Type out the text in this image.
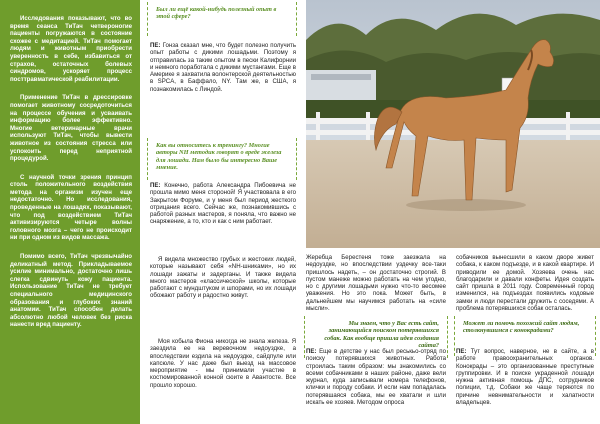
Исследования показывают, что во время сеанса ТиТач четвероногие пациенты погружаются в состояние схожее с медитацией. ТиТач помогает людям и животным приобрести уверенность в себе, избавиться от страхов, остаточных болевых синдромов, ускоряет процесс посттравматической реабилитации.

Применение ТиТач в дрессировке помогает животному сосредоточиться на процессе обучения и усваивать информацию более эффективно. Многие ветеринарные врачи используют ТиТач, чтобы вывести животное из состояния стресса или успокоить перед неприятной процедурой.

С научной точки зрения принцип столь положительного воздействия метода на организм изучен еще недостаточно. Но исследования, проведенные на лошадях, показывают, что под воздействием ТиТач активизируются четыре волны головного мозга – чего не происходит ни при одном из видов массажа.

Помимо всего, ТиТач чрезвычайно деликатный метод. Прикладываемое усилие минимально, достаточно лишь слегка сдвинуть кожу пациента. Использование ТиТач не требует специального медицинского образования и глубоких знаний анатомии. ТиТач способен делать абсолютно любой человек без риска нанести вред пациенту.

Был ли ещё какой-нибудь полезный опыт в этой сфере?

ПЕ: Гонза сказал мне, что будет полезно получить опыт работы с дикими лошадьми. Поэтому я отправилась за таким опытом в пески Калифорнии и немного поработала с дикими мустангами. Еще в Америке я захватила волонтерской деятельностью в SPCA, в Баффало, NY. Там же, в США, я познакомилась с Линдой.

Как вы относитесь к тренингу? Многие авторы NH методик говорят о вреде железа для лошади. Нам было бы интересно Ваше мнение.

ПЕ: Конечно, работа Александра Пибоевича не прошла мимо меня стороной! Я участвовала в его Закрытом Форуме, и у меня был период жесткого отрицания всего. Сейчас же, познакомившись с работой разных мастеров, я поняла, что важно не снаряжение, а то, кто и как с ним работает.

Я видела множество грубых и жестоких людей, которые называют себя «NH-шниками», но их лошади зажаты и задерганы. И также видела много мастеров «классической» школы, которые работают с мундштуком и шпорами, но их лошади обожают работу и радостно живут.

Моя кобыла Фиона никогда не знала железа. Я заездила ее на веревочном недоуздке, а впоследствии ездила на недоуздке, сайдпуле или капсюле. У нас даже был выезд на массовое мероприятие - мы принимали участие в костюмированной конной сюите в Авантосте. Все прошло хорошо.

Жеребца Берестеня тоже заезжала на недоуздке, но впоследствии уздечку все-таки пришлось надеть, – он достаточно строгий. В пустом манеже можно работать на чем угодно, но с другими лошадьми нужно что-то весомее уважения. Но это пока. Может быть, в дальнейшем мы научимся работать на «силе мысли».

Мы знаем, что у Вас есть сайт, занимающийся поиском потерявшихся собак. Как вообще пришла идея создания сайта?

ПЕ: Еще в детстве у нас был реськьо-отряд по поиску потерявшихся животных. Работа строилась таким образом: мы знакомились со всеми собачниками в наших районе, даже вели журнал, куда записывали номера телефонов, клички и породу собаки. И если нам попадалась потерявшаяся собака, мы ее хватали и шли искать ее хозяев. Методом опроса

собачников вынесшили в каком дворе живет собака, к каком подъезде, и в какой квартире. И приводили ее домой. Хозяева очень нас благодарили и давали конфеты. Идея создать сайт пришла в 2011 году. Современный город изменился, на подъездах появились кодовые замки и люди перестали дружить с соседями. А проблема потерявшихся собак осталась.

Может ли помочь похожий сайт людям, столкнувшимся с конокрадами?

ПЕ: Тут вопрос, наверное, не в сайте, а в работе правоохранительных органов. Конокрады – это организованные преступные группировки. И в поиске украденной лошади нужна активная помощь ДПС, сотрудников полиции, т.д. Собаки же чаще теряются по причине невнимательности и халатности владельцев.
